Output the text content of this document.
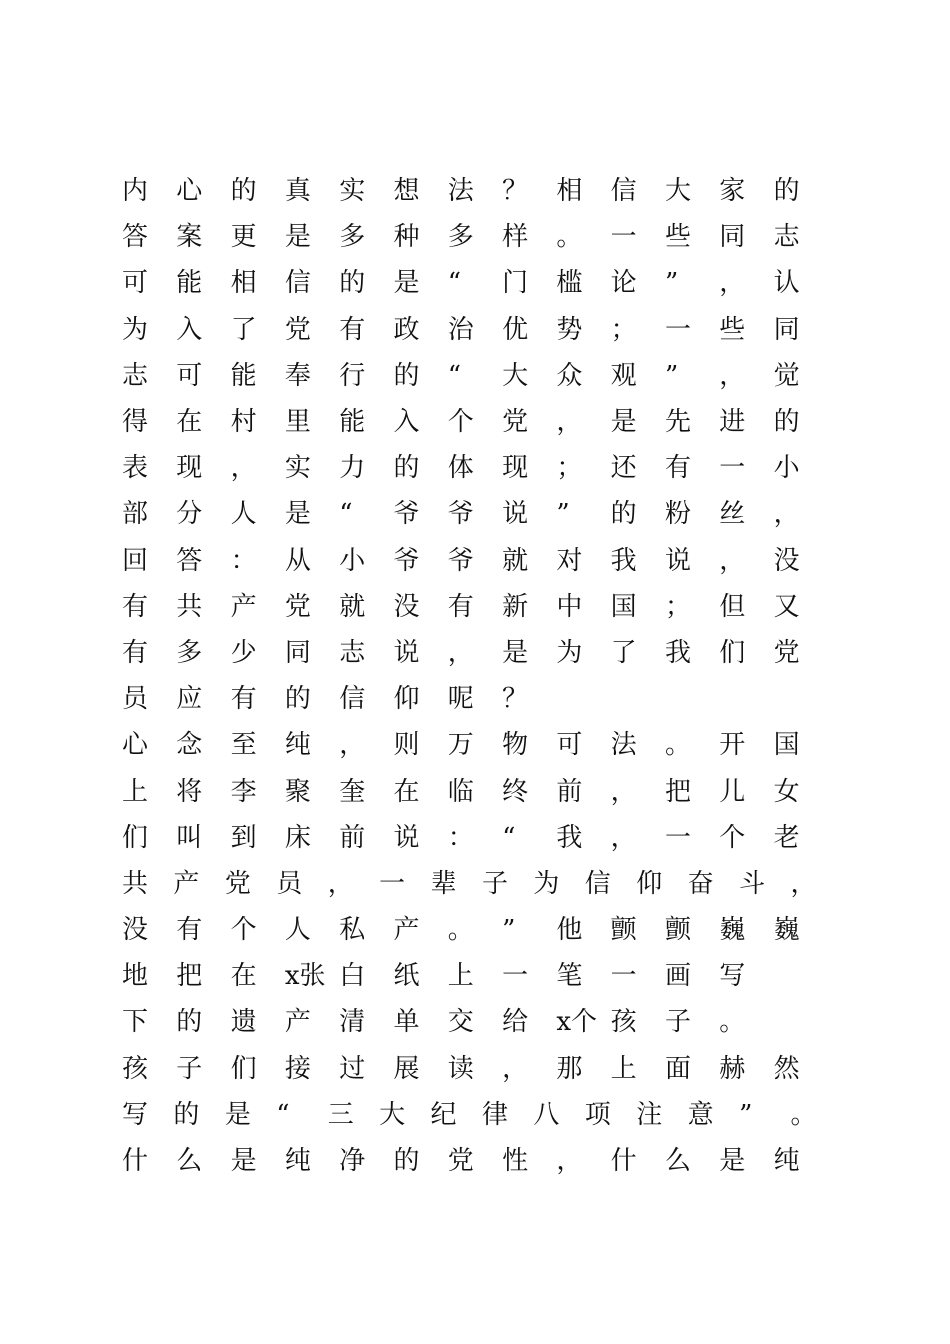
内	心	的	真	实	想	法	？	相	信	大	家	的
答	案	更	是	多	种	多	样	。	一	些	同	志
可	能	相	信	的	是	“	门	槛	论	”	，	认
为	入	了	党	有	政	治	优	势	；	一	些	同
志	可	能	奉	行	的	“	大	众	观	”	，	觉
得	在	村	里	能	入	个	党	，	是	先	进	的
表	现	，	实	力	的	体	现	；	还	有	一	小
部	分	人	是	“	爷	爷	说	”	的	粉	丝	，
回	答	：	从	小	爷	爷	就	对	我	说	，	没
有	共	产	党	就	没	有	新	中	国	；	但	又
有	多	少	同	志	说	，	是	为	了	我	们	党
员	应	有	的	信	仰	呢	？
心	念	至	纯	，	则	万	物	可	法	。	开	国
上	将	李	聚	奎	在	临	终	前	，	把	儿	女
们	叫	到	床	前	说	：	“	我	，	一	个	老
共 产 党 员 ， 一 辈 子 为 信 仰 奋 斗 ，
没	有	个	人	私	产	。	”	他	颤	颤	巍	巍
地	把	在	x张 白	纸	上	一	笔	一	画	写
下	的	遗	产	清	单	交	给	x个 孩	子	。
孩	子	们	接	过	展	读	，	那	上	面	赫	然
写 的 是 “	三 大 纪 律 八 项 注 意 ”	。
什	么	是	纯	净	的	党	性	，	什	么	是	纯
